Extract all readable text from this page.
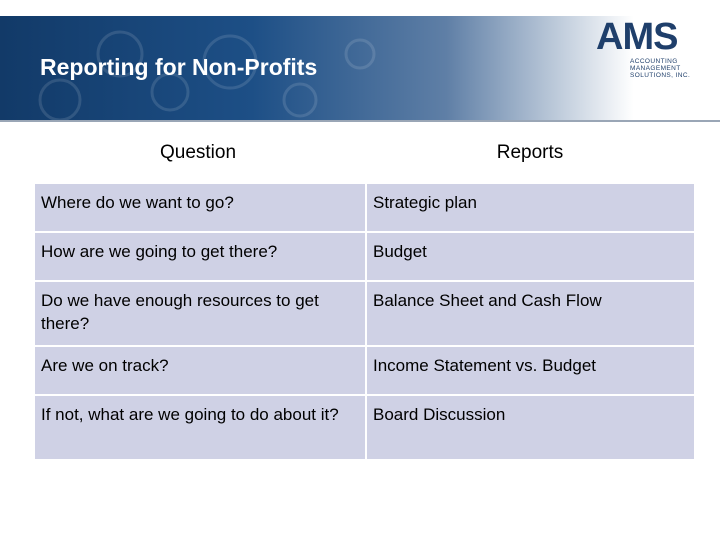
Reporting for Non-Profits
AMS
ACCOUNTING MANAGEMENT SOLUTIONS, INC.
Question	Reports
Where do we want to go?	Strategic plan
How are we going to get there?	Budget
Do we have enough resources to get there?	Balance Sheet and Cash Flow
Are we on track?	Income Statement vs. Budget
If not, what are we going to do about it?	Board Discussion
